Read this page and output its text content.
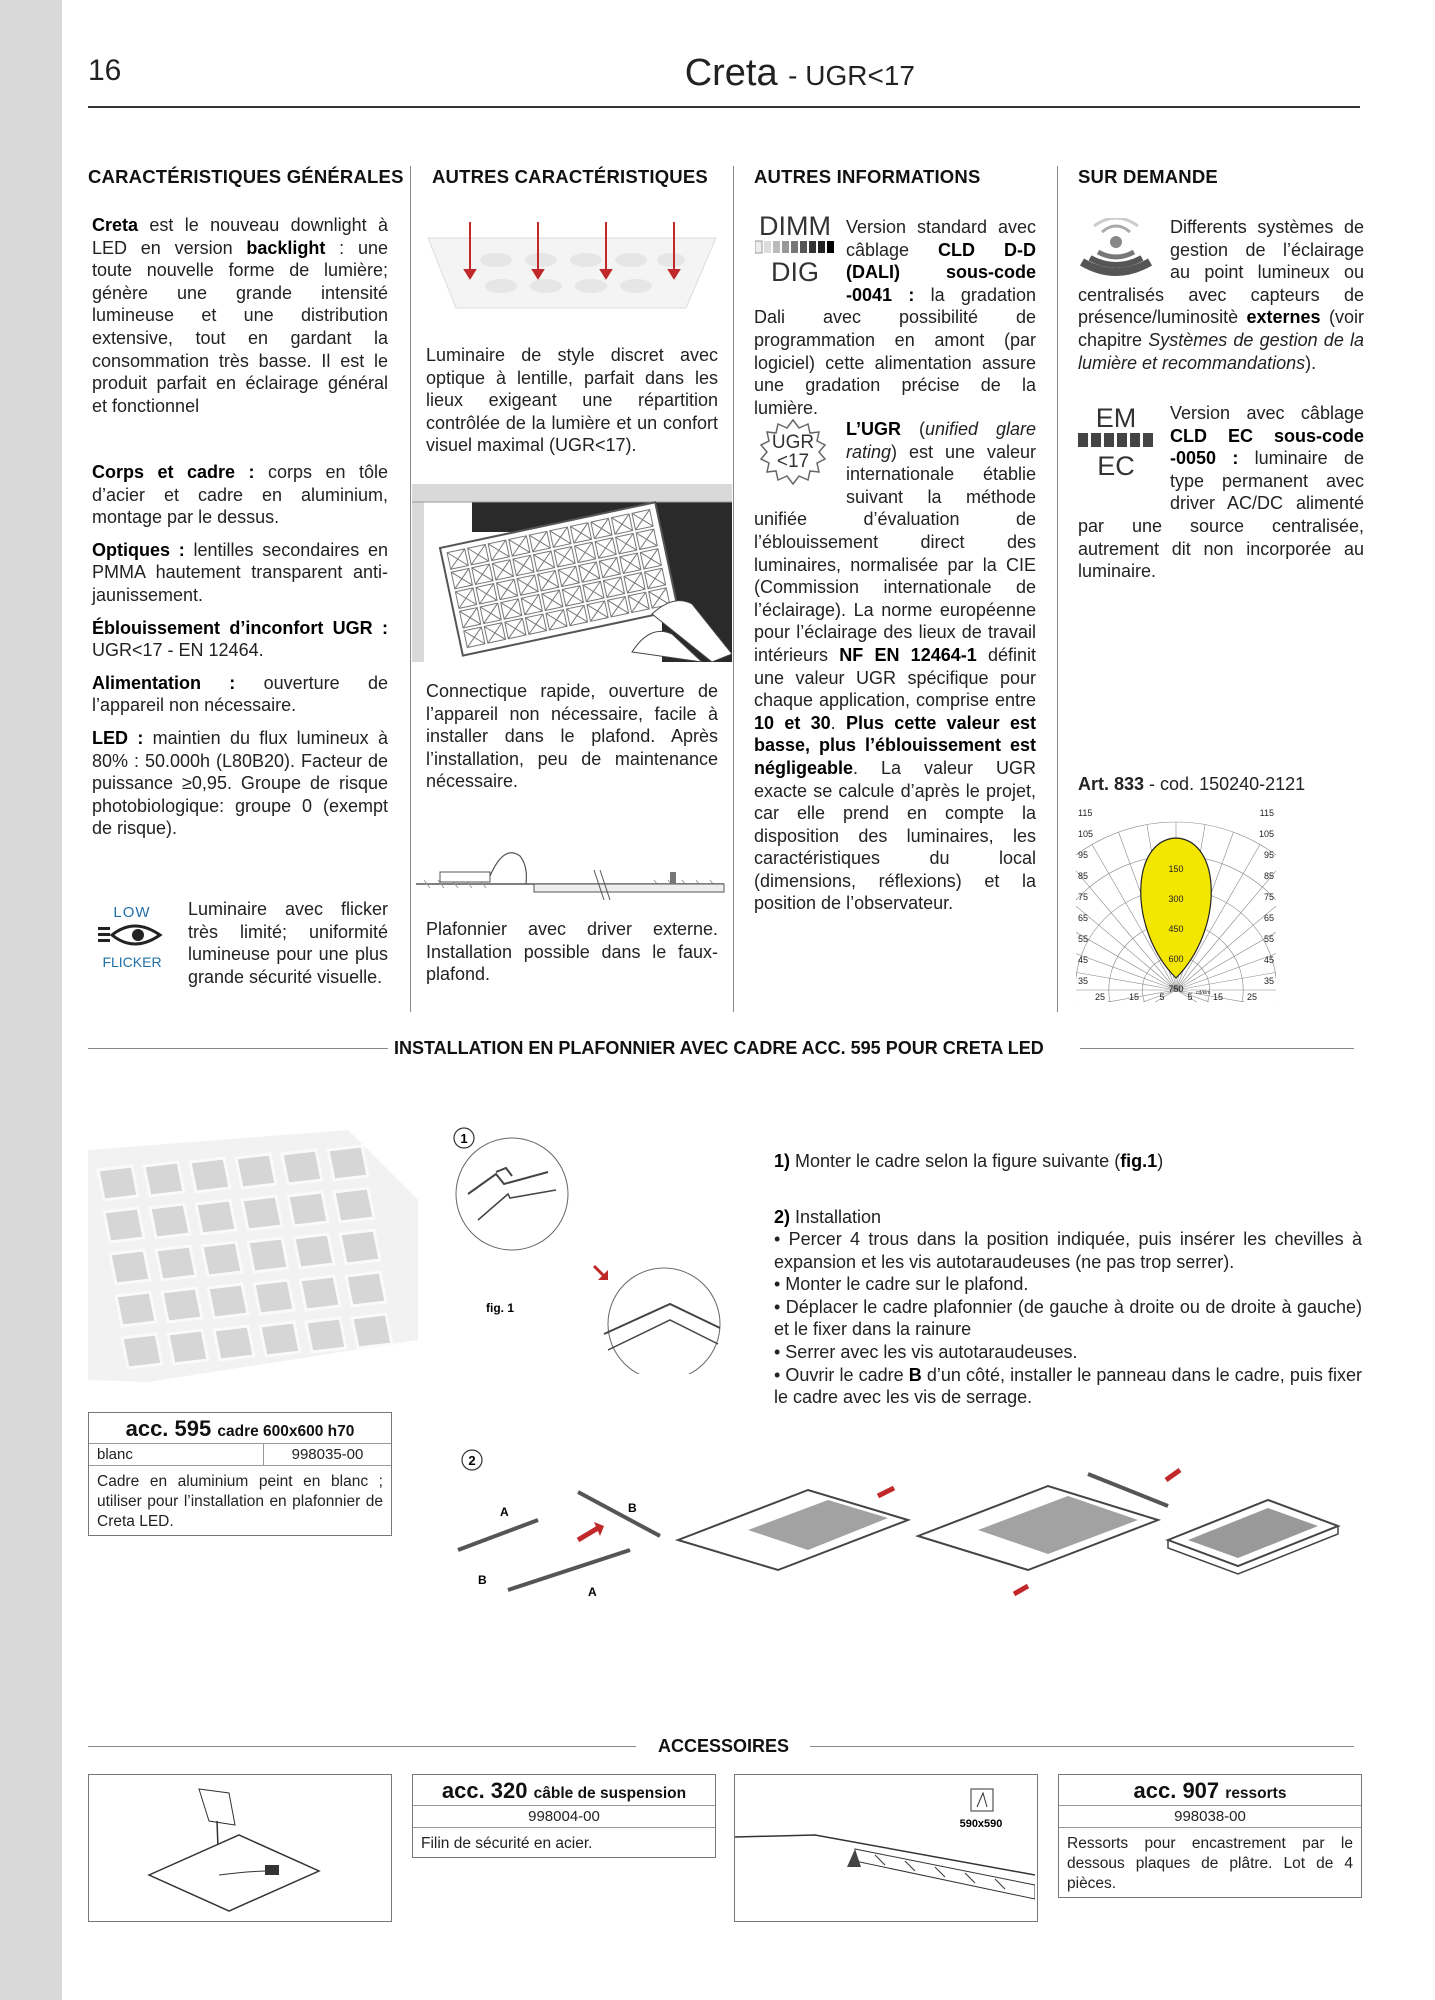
16	Creta - UGR<17
CARACTÉRISTIQUES GÉNÉRALES AUTRES CARACTÉRISTIQUES AUTRES INFORMATIONS	SUR DEMANDE
Creta est le nouveau downlight à LED en version backlight : une toute nouvelle forme de lumière; génère une grande intensité lumineuse et une distribution extensive, tout en gardant la consommation très basse. Il est le produit parfait en éclairage général et fonctionnel
Corps et cadre : corps en tôle d’acier et cadre en aluminium, montage par le dessus.
Optiques : lentilles secondaires en PMMA hautement transparent anti-jaunissement.
Éblouissement d’inconfort UGR : UGR<17 - EN 12464.
Alimentation : ouverture de l’appareil non nécessaire.
LED : maintien du flux lumineux à 80% : 50.000h (L80B20). Facteur de puissance ≥0,95. Groupe de risque photobiologique: groupe 0 (exempt de risque).
LOW
FLICKER
Luminaire avec flicker très limité; uniformité lumineuse pour une plus grande sécurité visuelle.
Luminaire de style discret avec optique à lentille, parfait dans les lieux exigeant une répartition contrôlée de la lumière et un confort visuel maximal (UGR<17).
Connectique rapide, ouverture de l’appareil non nécessaire, facile à installer dans le plafond. Après l’installation, peu de maintenance nécessaire.
Plafonnier avec driver externe. Installation possible dans le faux-plafond.
DIMM
DIG
Version standard avec câblage CLD D-D (DALI) sous-code -0041 : la gradation Dali avec possibilité de programmation en amont (par logiciel) cette alimentation assure une gradation précise de la lumière.
UGR
<17
L’UGR (unified glare rating) est une valeur internationale établie suivant la méthode unifiée d’évaluation de l’éblouissement direct des luminaires, normalisée par la CIE (Commission internationale de l’éclairage). La norme européenne pour l’éclairage des lieux de travail intérieurs NF EN 12464-1 définit une valeur UGR spécifique pour chaque application, comprise entre 10 et 30. Plus cette valeur est basse, plus l’éblouissement est négligeable. La valeur UGR exacte se calcule d’après le projet, car elle prend en compte la disposition des luminaires, les caractéristiques du local (dimensions, réflexions) et la position de l’observateur.
Differents systèmes de gestion de l’éclairage au point lumineux ou centralisés avec capteurs de présence/luminositè externes (voir chapitre Systèmes de gestion de la lumière et recommandations).
EM
EC
Version avec câblage CLD EC sous-code -0050 : luminaire de type permanent avec driver AC/DC alimenté par une source centralisée, autrement dit non incorporée au luminaire.
Art. 833 - cod. 150240-2121
115
105
95
85
75
65
55
45
35
115
105
95
85
75
65
55
45
35
150
300
450
600
750
25	15 5	5 15	25
cd/klm
INSTALLATION EN PLAFONNIER AVEC CADRE ACC. 595 POUR CRETA LED
acc. 595 cadre 600x600 h70
blanc	998035-00
Cadre en aluminium peint en blanc ; utiliser pour l’installation en plafonnier de Creta LED.
1
fig. 1
1) Monter le cadre selon la figure suivante (fig.1)
2) Installation
• Percer 4 trous dans la position indiquée, puis insérer les chevilles à expansion et les vis autotaraudeuses (ne pas trop serrer).
• Monter le cadre sur le plafond.
• Déplacer le cadre plafonnier (de gauche à droite ou de droite à gauche) et le fixer dans la rainure
• Serrer avec les vis autotaraudeuses.
• Ouvrir le cadre B d’un côté, installer le panneau dans le cadre, puis fixer le cadre avec les vis de serrage.
2
A	B
B
A
ACCESSOIRES
acc. 320 câble de suspension
998004-00
Filin de sécurité en acier.
590x590
acc. 907 ressorts
998038-00
Ressorts pour encastrement par le dessous plaques de plâtre. Lot de 4 pièces.
